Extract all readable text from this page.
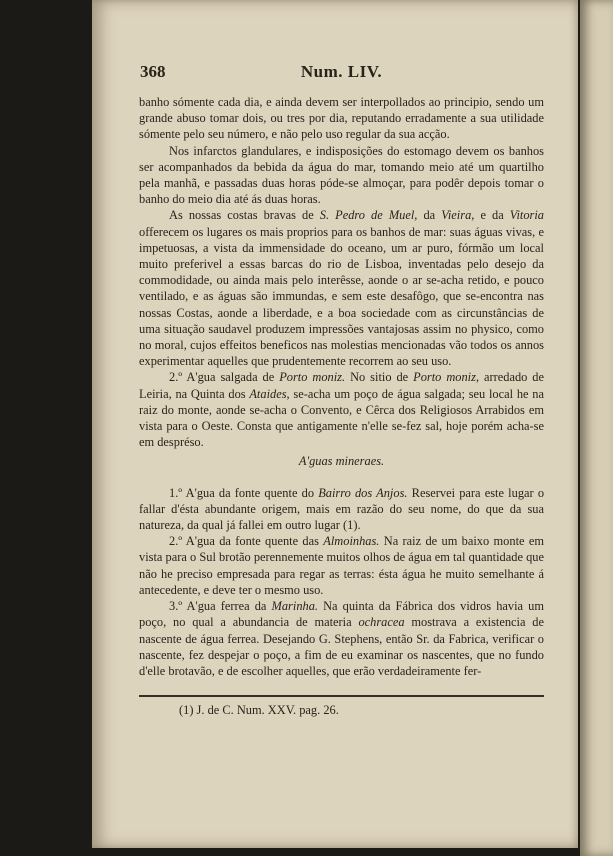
368	Num. LIV.

banho sómente cada dia, e ainda devem ser interpollados ao principio, sendo um grande abuso tomar dois, ou tres por dia, reputando erradamente a sua utilidade sómente pelo seu número, e não pelo uso regular da sua acção.

Nos infarctos glandulares, e indisposições do estomago devem os banhos ser acompanhados da bebida da água do mar, tomando meio até um quartilho pela manhã, e passadas duas horas póde-se almoçar, para podêr depois tomar o banho do meio dia até ás duas horas.

As nossas costas bravas de S. Pedro de Muel, da Vieira, e da Vitoria offerecem os lugares os mais proprios para os banhos de mar: suas águas vivas, e impetuosas, a vista da immensidade do oceano, um ar puro, fórmão um local muito preferivel a essas barcas do rio de Lisboa, inventadas pelo desejo da commodidade, ou ainda mais pelo interêsse, aonde o ar se-acha retido, e pouco ventilado, e as águas são immundas, e sem este desafôgo, que se-encontra nas nossas Costas, aonde a liberdade, e a boa sociedade com as circunstâncias de uma situação saudavel produzem impressões vantajosas assim no physico, como no moral, cujos effeitos beneficos nas molestias mencionadas vão todos os annos experimentar aquelles que prudentemente recorrem ao seu uso.

2.º A'gua salgada de Porto moniz. No sitio de Porto moniz, arredado de Leiria, na Quinta dos Ataides, se-acha um poço de água salgada; seu local he na raiz do monte, aonde se-acha o Convento, e Cêrca dos Religiosos Arrabidos em vista para o Oeste. Consta que antigamente n'elle se-fez sal, hoje porém acha-se em despréso.

A'guas mineraes.

1.º A'gua da fonte quente do Bairro dos Anjos. Reservei para este lugar o fallar d'ésta abundante origem, mais em razão do seu nome, do que da sua natureza, da qual já fallei em outro lugar (1).

2.º A'gua da fonte quente das Almoinhas. Na raiz de um baixo monte em vista para o Sul brotão perennemente muitos olhos de água em tal quantidade que não he preciso empresada para regar as terras: ésta água he muito semelhante á antecedente, e deve ter o mesmo uso.

3.º A'gua ferrea da Marinha. Na quinta da Fábrica dos vidros havia um poço, no qual a abundancia de materia ochracea mostrava a existencia de nascente de água ferrea. Desejando G. Stephens, então Sr. da Fabrica, verificar o nascente, fez despejar o poço, a fim de eu examinar os nascentes, que no fundo d'elle brotavão, e de escolher aquelles, que erão verdadeiramente fer-

(1) J. de C. Num. XXV. pag. 26.
